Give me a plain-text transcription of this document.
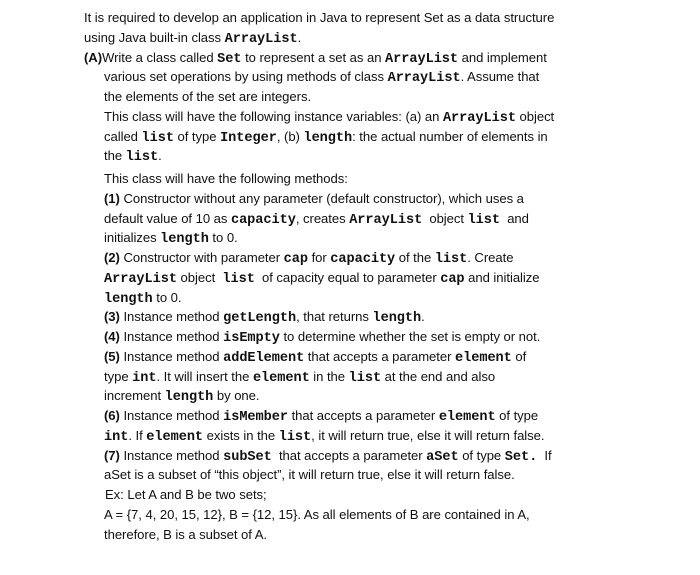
It is required to develop an application in Java to represent Set as a data structure
using Java built-in class ArrayList.
(A)Write a class called Set to represent a set as an ArrayList and implement
various set operations by using methods of class ArrayList. Assume that
the elements of the set are integers.
This class will have the following instance variables: (a) an ArrayList object
called list of type Integer, (b) length: the actual number of elements in
the list.
This class will have the following methods:
(1) Constructor without any parameter (default constructor), which uses a
default value of 10 as capacity, creates ArrayList  object list  and
initializes length to 0.
(2) Constructor with parameter cap for capacity of the list. Create
ArrayList object  list  of capacity equal to parameter cap and initialize
length to 0.
(3) Instance method getLength, that returns length.
(4) Instance method isEmpty to determine whether the set is empty or not.
(5) Instance method addElement that accepts a parameter element of
type int. It will insert the element in the list at the end and also
increment length by one.
(6) Instance method isMember that accepts a parameter element of type
int. If element exists in the list, it will return true, else it will return false.
(7) Instance method subSet  that accepts a parameter aSet of type Set.  If
aSet is a subset of “this object”, it will return true, else it will return false.
Ex: Let A and B be two sets;
A = {7, 4, 20, 15, 12}, B = {12, 15}. As all elements of B are contained in A,
therefore, B is a subset of A.
